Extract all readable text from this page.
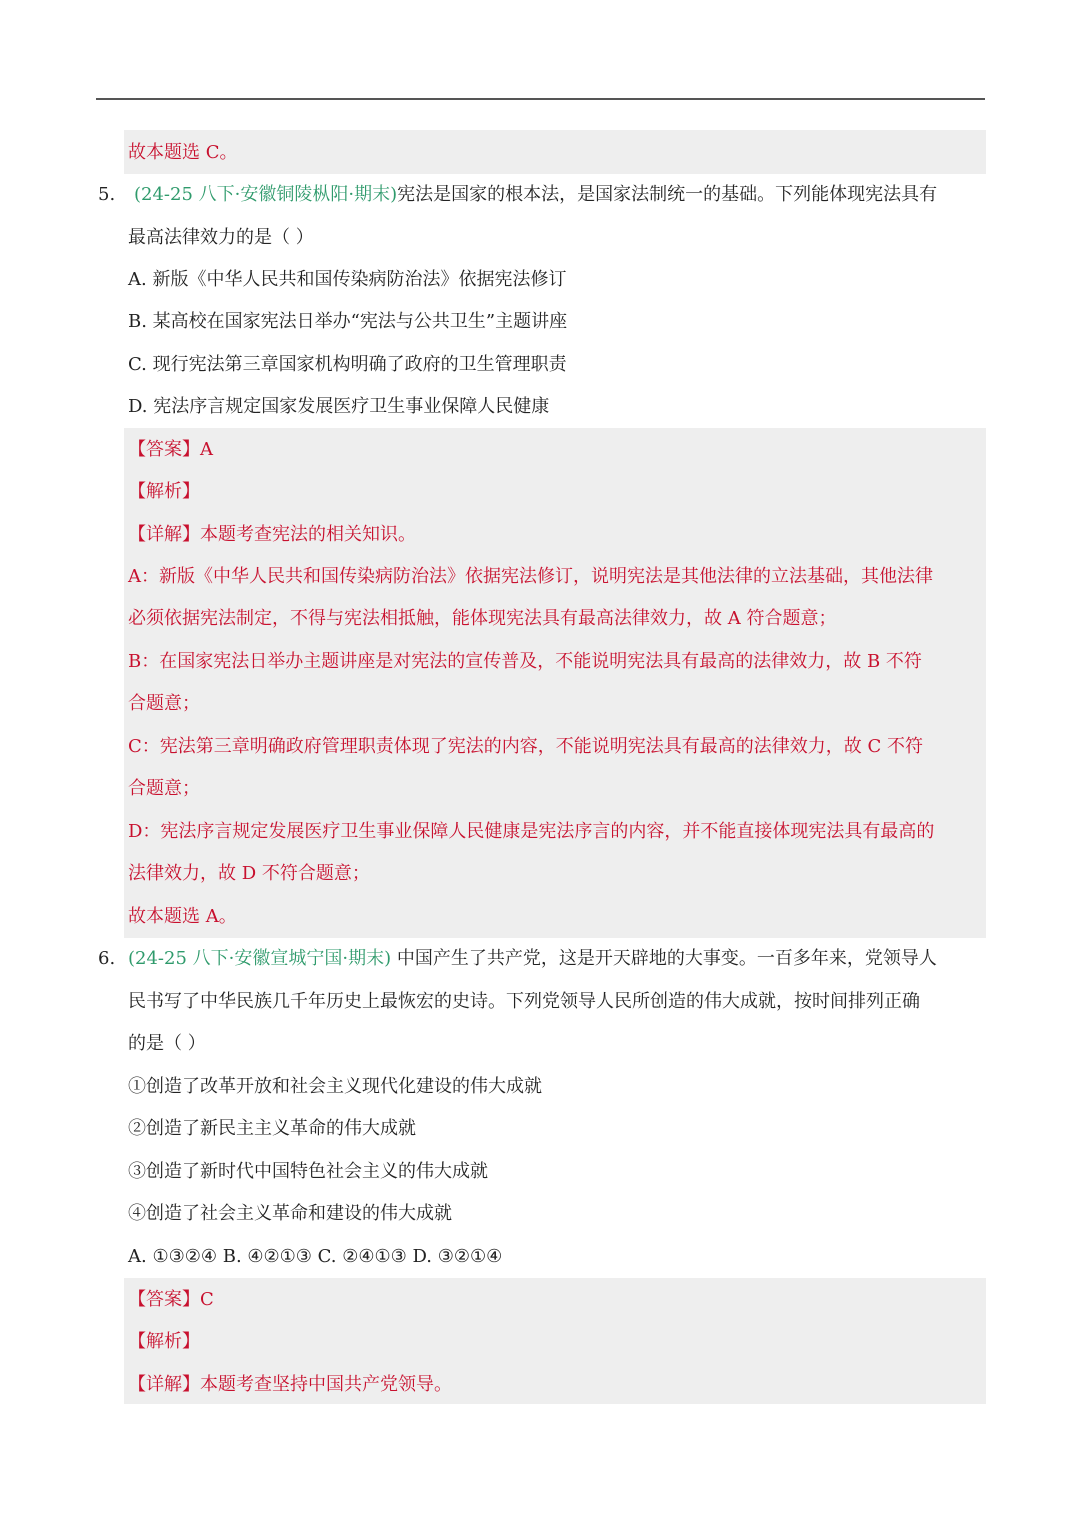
故本题选 C。
5. (24-25 八下·安徽铜陵枞阳·期末)宪法是国家的根本法，是国家法制统一的基础。下列能体现宪法具有
最高法律效力的是（ ）
A. 新版《中华人民共和国传染病防治法》依据宪法修订
B. 某高校在国家宪法日举办“宪法与公共卫生”主题讲座
C. 现行宪法第三章国家机构明确了政府的卫生管理职责
D. 宪法序言规定国家发展医疗卫生事业保障人民健康
【答案】A
【解析】
【详解】本题考查宪法的相关知识。
A：新版《中华人民共和国传染病防治法》依据宪法修订，说明宪法是其他法律的立法基础，其他法律
必须依据宪法制定，不得与宪法相抵触，能体现宪法具有最高法律效力，故 A 符合题意；
B：在国家宪法日举办主题讲座是对宪法的宣传普及，不能说明宪法具有最高的法律效力，故 B 不符
合题意；
C：宪法第三章明确政府管理职责体现了宪法的内容，不能说明宪法具有最高的法律效力，故 C 不符
合题意；
D：宪法序言规定发展医疗卫生事业保障人民健康是宪法序言的内容，并不能直接体现宪法具有最高的
法律效力，故 D 不符合题意；
故本题选 A。
6. (24-25 八下·安徽宣城宁国·期末) 中国产生了共产党，这是开天辟地的大事变。一百多年来，党领导人
民书写了中华民族几千年历史上最恢宏的史诗。下列党领导人民所创造的伟大成就，按时间排列正确
的是（ ）
①创造了改革开放和社会主义现代化建设的伟大成就
②创造了新民主主义革命的伟大成就
③创造了新时代中国特色社会主义的伟大成就
④创造了社会主义革命和建设的伟大成就
A. ①③②④ B. ④②①③ C. ②④①③ D. ③②①④
【答案】C
【解析】
【详解】本题考查坚持中国共产党领导。
